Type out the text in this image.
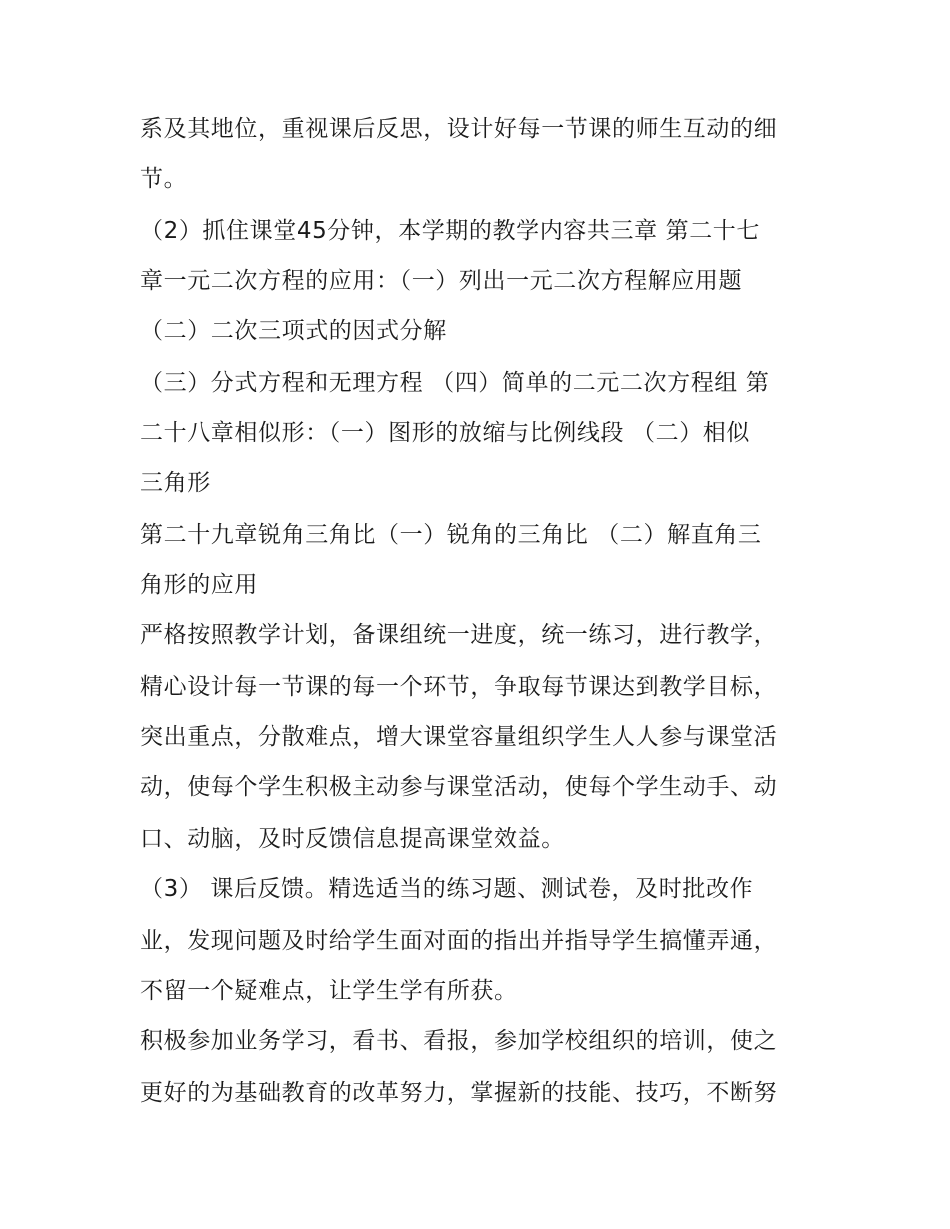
系及其地位，重视课后反思，设计好每一节课的师生互动的细
节。
（2）抓住课堂45分钟，本学期的教学内容共三章 第二十七
章一元二次方程的应用：（一）列出一元二次方程解应用题
（二）二次三项式的因式分解
（三）分式方程和无理方程 （四）简单的二元二次方程组 第
二十八章相似形：（一）图形的放缩与比例线段 （二）相似
三角形
第二十九章锐角三角比（一）锐角的三角比 （二）解直角三
角形的应用
严格按照教学计划，备课组统一进度，统一练习，进行教学，
精心设计每一节课的每一个环节，争取每节课达到教学目标，
突出重点，分散难点，增大课堂容量组织学生人人参与课堂活
动，使每个学生积极主动参与课堂活动，使每个学生动手、动
口、动脑，及时反馈信息提高课堂效益。
（3） 课后反馈。精选适当的练习题、测试卷，及时批改作
业，发现问题及时给学生面对面的指出并指导学生搞懂弄通，
不留一个疑难点，让学生学有所获。
积极参加业务学习，看书、看报，参加学校组织的培训，使之
更好的为基础教育的改革努力，掌握新的技能、技巧，不断努
